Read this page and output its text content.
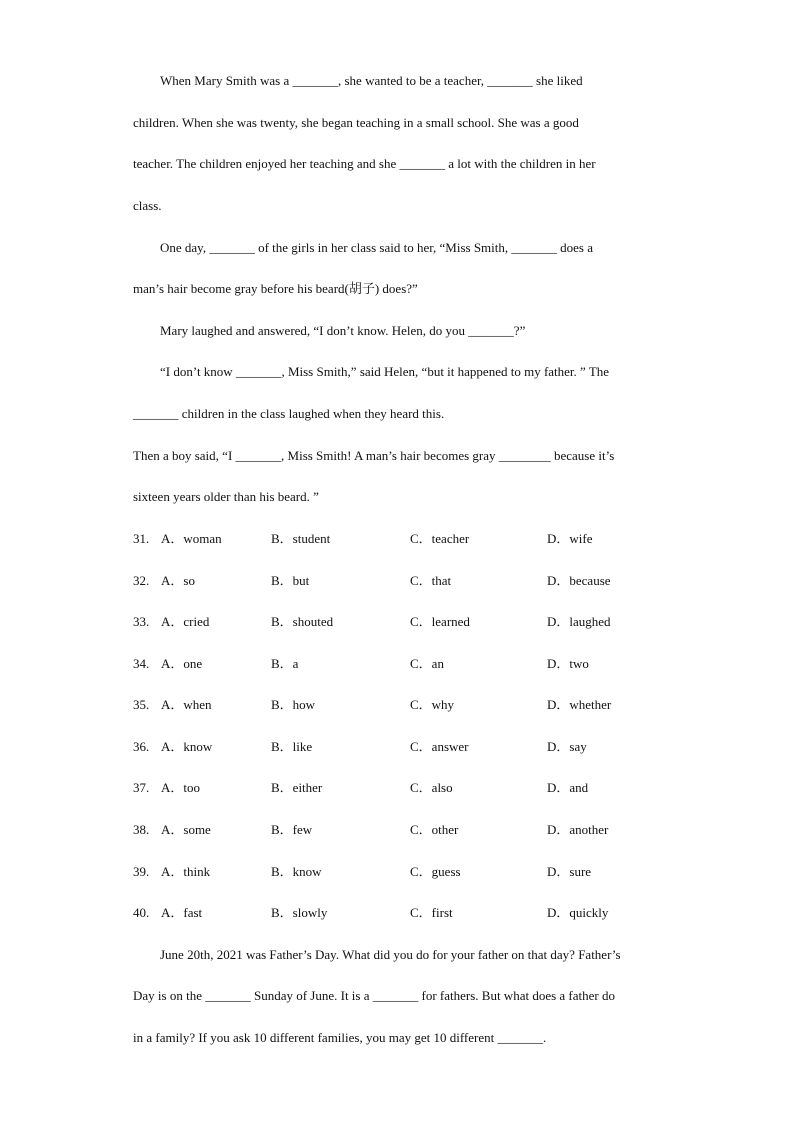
When Mary Smith was a _______, she wanted to be a teacher, _______ she liked
children. When she was twenty, she began teaching in a small school. She was a good
teacher. The children enjoyed her teaching and she _______ a lot with the children in her
class.
One day, _______ of the girls in her class said to her, “Miss Smith, _______ does a
man’s hair become gray before his beard(胡子) does?”
Mary laughed and answered, “I don’t know. Helen, do you _______?”
“I don’t know _______, Miss Smith,” said Helen, “but it happened to my father. ” The
_______ children in the class laughed when they heard this.
Then a boy said, “I _______, Miss Smith! A man’s hair becomes gray ________ because it’s
sixteen years older than his beard. ”
31. A．woman	B．student	C．teacher	D．wife
32. A．so	B．but	C．that	D．because
33. A．cried	B．shouted	C．learned	D．laughed
34. A．one	B．a	C．an	D．two
35. A．when	B．how	C．why	D．whether
36. A．know	B．like	C．answer	D．say
37. A．too	B．either	C．also	D．and
38. A．some	B．few	C．other	D．another
39. A．think	B．know	C．guess	D．sure
40. A．fast	B．slowly	C．first	D．quickly
June 20th, 2021 was Father’s Day. What did you do for your father on that day? Father’s
Day is on the _______ Sunday of June. It is a _______ for fathers. But what does a father do
in a family? If you ask 10 different families, you may get 10 different _______.
